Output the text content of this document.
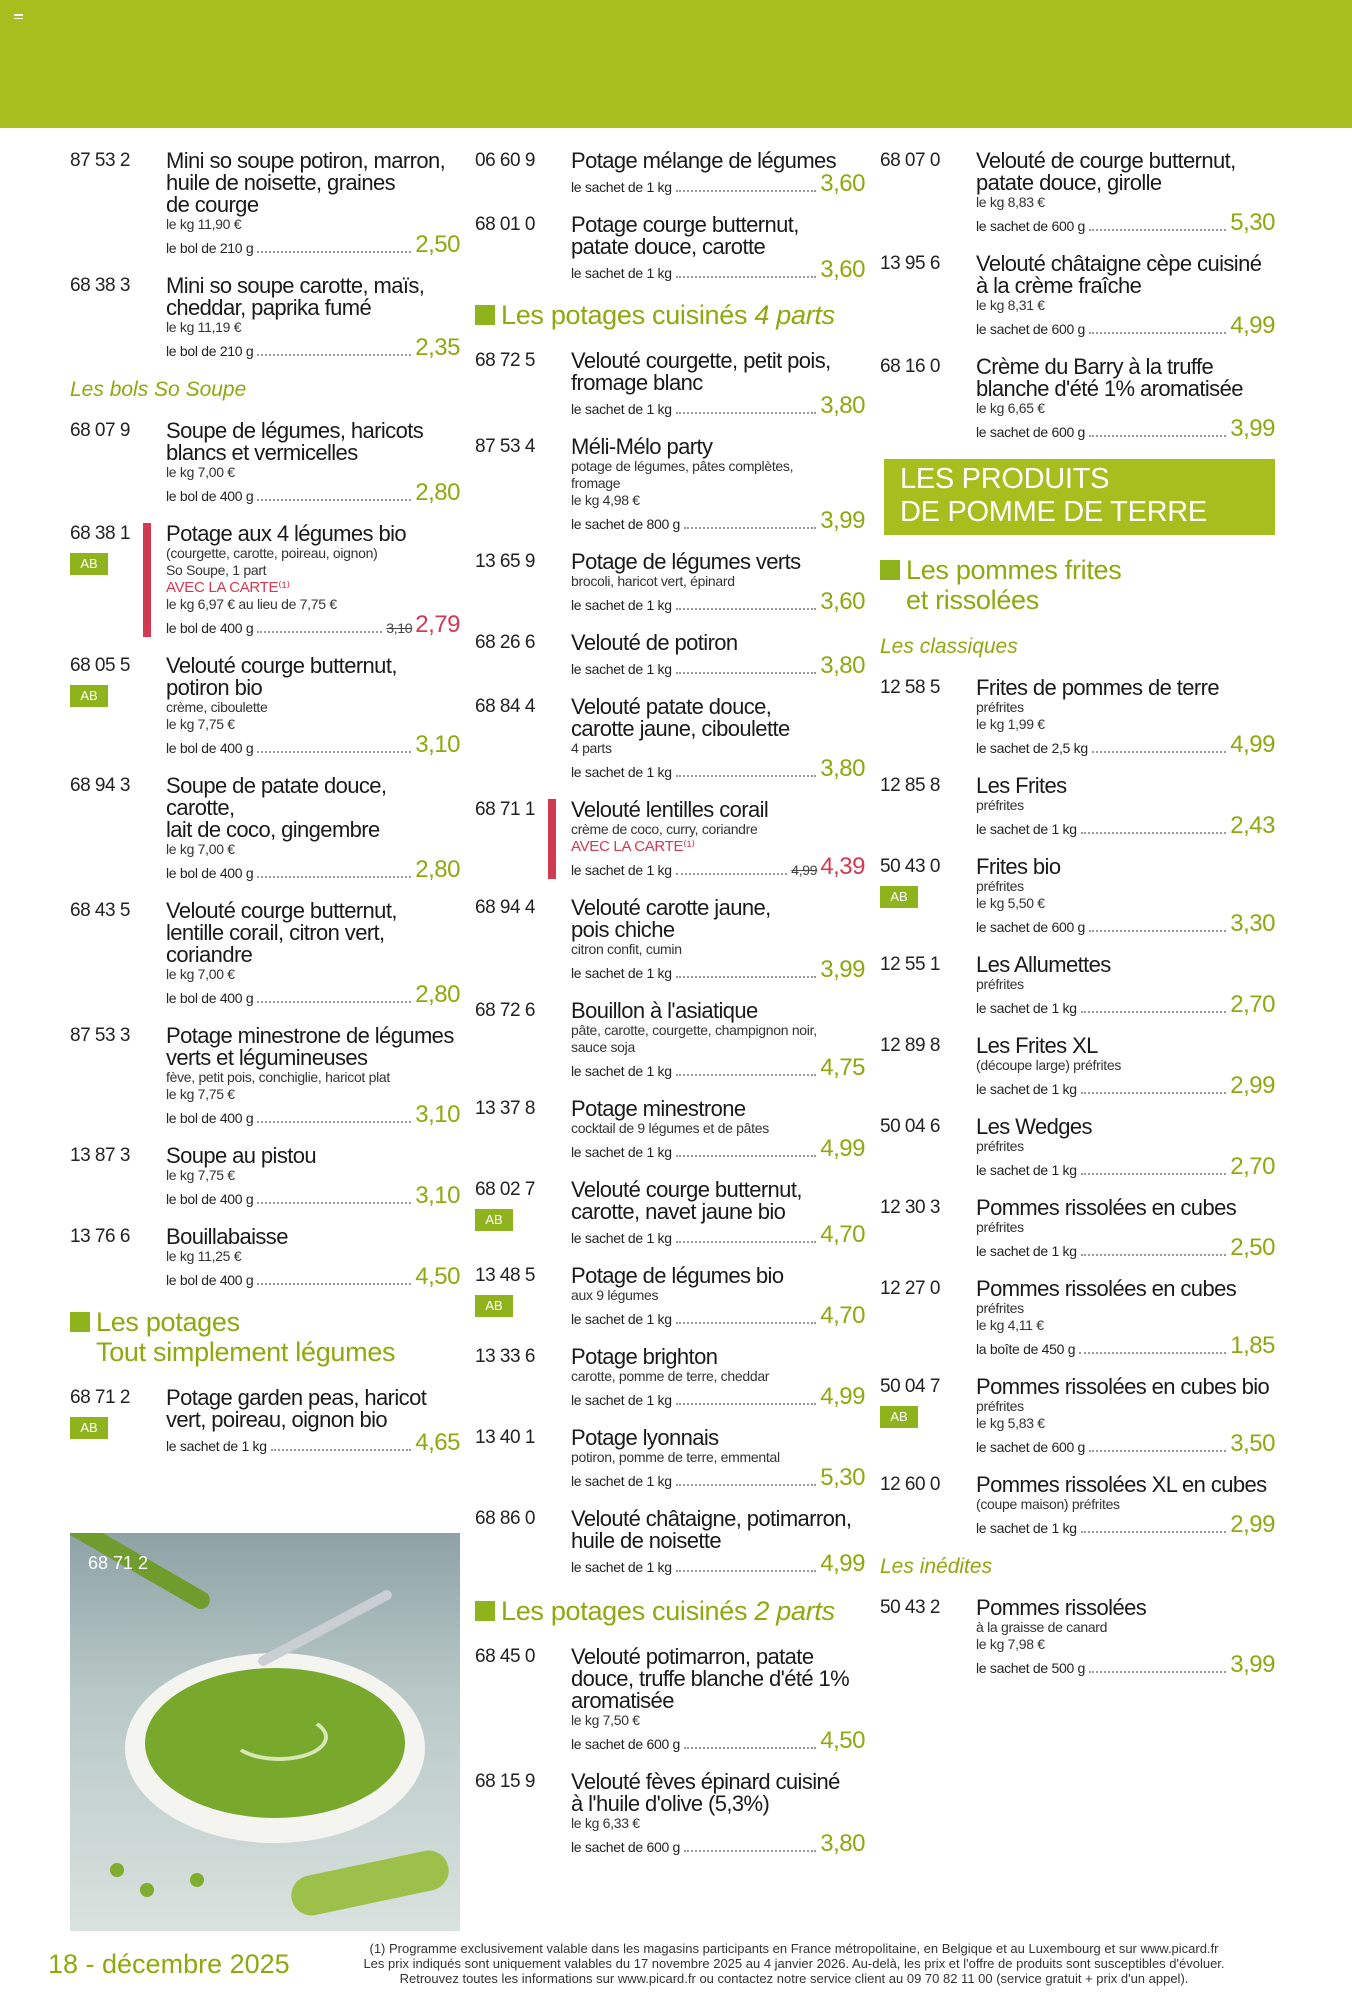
87 53 2 Mini so soupe potiron, marron,
huile de noisette, graines
de courge
le kg 11,90 €
le bol de 210 g	2,50
68 38 3 Mini so soupe carotte, maïs,
cheddar, paprika fumé
le kg 11,19 €
le bol de 210 g	2,35
Les bols So Soupe
68 07 9 Soupe de légumes, haricots
blancs et vermicelles
le kg 7,00 €
le bol de 400 g	2,80
68 38 1
AB
Potage aux 4 légumes bio
(courgette, carotte, poireau, oignon)
So Soupe, 1 part
AVEC LA CARTE⁽¹⁾
le kg 6,97 € au lieu de 7,75 €
le bol de 400 g	3,10 2,79
68 05 5
AB
Velouté courge butternut,
potiron bio
crème, ciboulette
le kg 7,75 €
le bol de 400 g	3,10
68 94 3 Soupe de patate douce, carotte,
lait de coco, gingembre
le kg 7,00 €
le bol de 400 g	2,80
68 43 5 Velouté courge butternut,
lentille corail, citron vert,
coriandre
le kg 7,00 €
le bol de 400 g	2,80
87 53 3 Potage minestrone de légumes
verts et légumineuses
fève, petit pois, conchiglie, haricot plat
le kg 7,75 €
le bol de 400 g	3,10
13 87 3 Soupe au pistou
le kg 7,75 €
le bol de 400 g	3,10
13 76 6 Bouillabaisse
le kg 11,25 €
le bol de 400 g	4,50
Les potages
Tout simplement légumes
68 71 2
AB
Potage garden peas, haricot
vert, poireau, oignon bio
le sachet de 1 kg	4,65
68 71 2
06 60 9 Potage mélange de légumes
le sachet de 1 kg	3,60
68 01 0 Potage courge butternut,
patate douce, carotte
le sachet de 1 kg	3,60
Les potages cuisinés 4 parts
68 72 5 Velouté courgette, petit pois,
fromage blanc
le sachet de 1 kg	3,80
87 53 4 Méli-Mélo party
potage de légumes, pâtes complètes,
fromage
le kg 4,98 €
le sachet de 800 g	3,99
13 65 9 Potage de légumes verts
brocoli, haricot vert, épinard
le sachet de 1 kg	3,60
68 26 6 Velouté de potiron
le sachet de 1 kg	3,80
68 84 4 Velouté patate douce,
carotte jaune, ciboulette
4 parts
le sachet de 1 kg	3,80
68 71 1 Velouté lentilles corail
crème de coco, curry, coriandre
AVEC LA CARTE⁽¹⁾
le sachet de 1 kg	4,99 4,39
68 94 4 Velouté carotte jaune,
pois chiche
citron confit, cumin
le sachet de 1 kg	3,99
68 72 6 Bouillon à l'asiatique
pâte, carotte, courgette, champignon noir,
sauce soja
le sachet de 1 kg	4,75
13 37 8 Potage minestrone
cocktail de 9 légumes et de pâtes
le sachet de 1 kg	4,99
68 02 7
AB
Velouté courge butternut,
carotte, navet jaune bio
le sachet de 1 kg	4,70
13 48 5
AB
Potage de légumes bio
aux 9 légumes
le sachet de 1 kg	4,70
13 33 6 Potage brighton
carotte, pomme de terre, cheddar
le sachet de 1 kg	4,99
13 40 1 Potage lyonnais
potiron, pomme de terre, emmental
le sachet de 1 kg	5,30
68 86 0 Velouté châtaigne, potimarron,
huile de noisette
le sachet de 1 kg	4,99
Les potages cuisinés 2 parts
68 45 0 Velouté potimarron, patate
douce, truffe blanche d'été 1%
aromatisée
le kg 7,50 €
le sachet de 600 g	4,50
68 15 9 Velouté fèves épinard cuisiné
à l'huile d'olive (5,3%)
le kg 6,33 €
le sachet de 600 g	3,80
68 07 0 Velouté de courge butternut,
patate douce, girolle
le kg 8,83 €
le sachet de 600 g	5,30
13 95 6 Velouté châtaigne cèpe cuisiné
à la crème fraîche
le kg 8,31 €
le sachet de 600 g	4,99
68 16 0 Crème du Barry à la truffe
blanche d'été 1% aromatisée
le kg 6,65 €
le sachet de 600 g	3,99
LES PRODUITS
DE POMME DE TERRE
Les pommes frites
et rissolées
Les classiques
12 58 5 Frites de pommes de terre
préfrites
le kg 1,99 €
le sachet de 2,5 kg	4,99
12 85 8 Les Frites
préfrites
le sachet de 1 kg	2,43
50 43 0
AB
Frites bio
préfrites
le kg 5,50 €
le sachet de 600 g	3,30
12 55 1 Les Allumettes
préfrites
le sachet de 1 kg	2,70
12 89 8 Les Frites XL
(découpe large) préfrites
le sachet de 1 kg	2,99
50 04 6 Les Wedges
préfrites
le sachet de 1 kg	2,70
12 30 3 Pommes rissolées en cubes
préfrites
le sachet de 1 kg	2,50
12 27 0 Pommes rissolées en cubes
préfrites
le kg 4,11 €
la boîte de 450 g	1,85
50 04 7
AB
Pommes rissolées en cubes bio
préfrites
le kg 5,83 €
le sachet de 600 g	3,50
12 60 0 Pommes rissolées XL en cubes
(coupe maison) préfrites
le sachet de 1 kg	2,99
Les inédites
50 43 2 Pommes rissolées
à la graisse de canard
le kg 7,98 €
le sachet de 500 g	3,99
18 - décembre 2025
(1) Programme exclusivement valable dans les magasins participants en France métropolitaine, en Belgique et au Luxembourg et sur www.picard.fr
Les prix indiqués sont uniquement valables du 17 novembre 2025 au 4 janvier 2026. Au-delà, les prix et l'offre de produits sont susceptibles d'évoluer.
Retrouvez toutes les informations sur www.picard.fr ou contactez notre service client au 09 70 82 11 00 (service gratuit + prix d'un appel).
